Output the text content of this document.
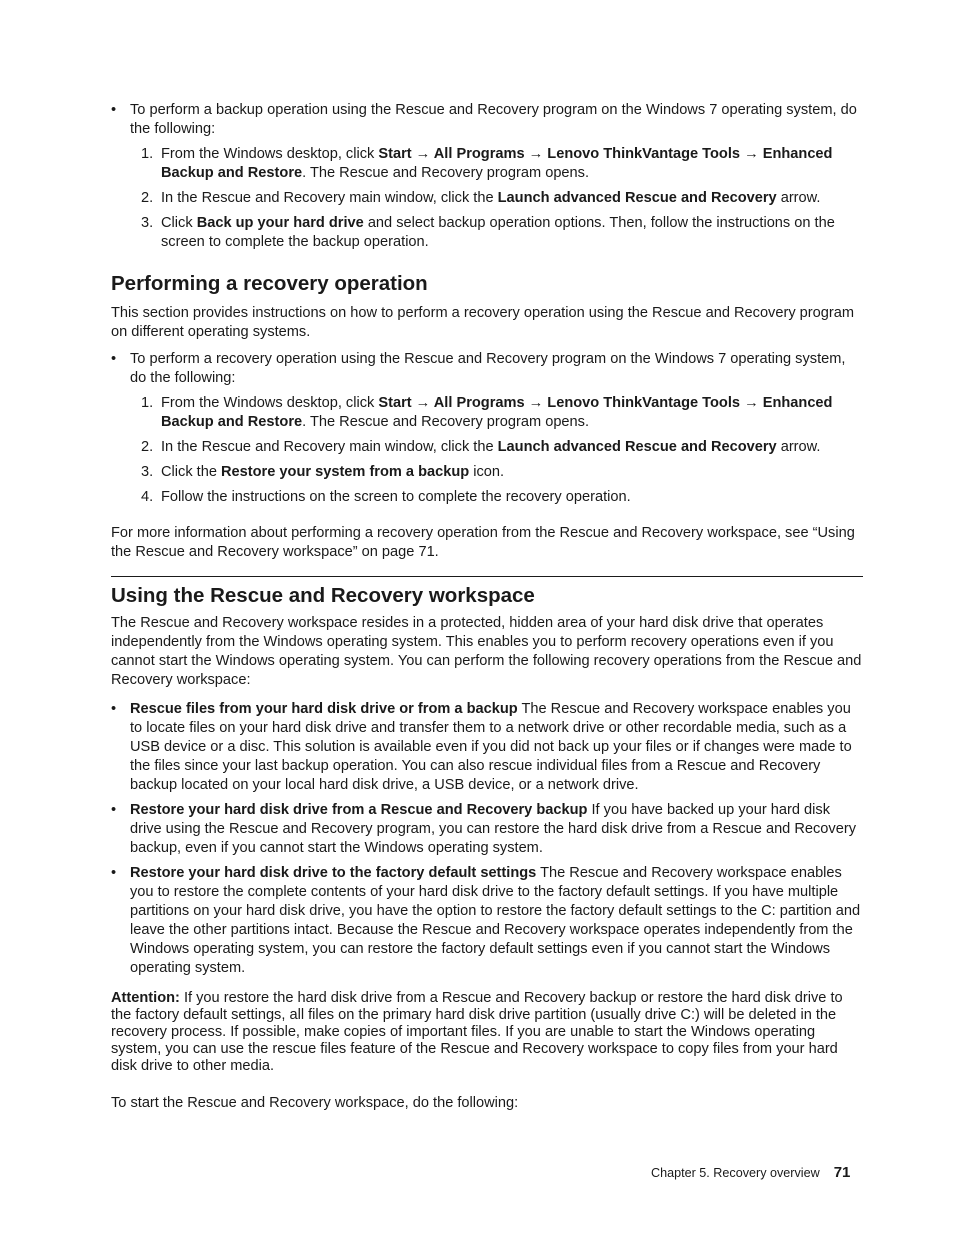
• To perform a backup operation using the Rescue and Recovery program on the Windows 7 operating system, do the following:

1. From the Windows desktop, click Start → All Programs → Lenovo ThinkVantage Tools → Enhanced Backup and Restore. The Rescue and Recovery program opens.

2. In the Rescue and Recovery main window, click the Launch advanced Rescue and Recovery arrow.

3. Click Back up your hard drive and select backup operation options. Then, follow the instructions on the screen to complete the backup operation.

Performing a recovery operation

This section provides instructions on how to perform a recovery operation using the Rescue and Recovery program on different operating systems.

• To perform a recovery operation using the Rescue and Recovery program on the Windows 7 operating system, do the following:

1. From the Windows desktop, click Start → All Programs → Lenovo ThinkVantage Tools → Enhanced Backup and Restore. The Rescue and Recovery program opens.

2. In the Rescue and Recovery main window, click the Launch advanced Rescue and Recovery arrow.

3. Click the Restore your system from a backup icon.

4. Follow the instructions on the screen to complete the recovery operation.

For more information about performing a recovery operation from the Rescue and Recovery workspace, see “Using the Rescue and Recovery workspace” on page 71.

Using the Rescue and Recovery workspace

The Rescue and Recovery workspace resides in a protected, hidden area of your hard disk drive that operates independently from the Windows operating system. This enables you to perform recovery operations even if you cannot start the Windows operating system. You can perform the following recovery operations from the Rescue and Recovery workspace:

• Rescue files from your hard disk drive or from a backup The Rescue and Recovery workspace enables you to locate files on your hard disk drive and transfer them to a network drive or other recordable media, such as a USB device or a disc. This solution is available even if you did not back up your files or if changes were made to the files since your last backup operation. You can also rescue individual files from a Rescue and Recovery backup located on your local hard disk drive, a USB device, or a network drive.

• Restore your hard disk drive from a Rescue and Recovery backup If you have backed up your hard disk drive using the Rescue and Recovery program, you can restore the hard disk drive from a Rescue and Recovery backup, even if you cannot start the Windows operating system.

• Restore your hard disk drive to the factory default settings The Rescue and Recovery workspace enables you to restore the complete contents of your hard disk drive to the factory default settings. If you have multiple partitions on your hard disk drive, you have the option to restore the factory default settings to the C: partition and leave the other partitions intact. Because the Rescue and Recovery workspace operates independently from the Windows operating system, you can restore the factory default settings even if you cannot start the Windows operating system.

Attention: If you restore the hard disk drive from a Rescue and Recovery backup or restore the hard disk drive to the factory default settings, all files on the primary hard disk drive partition (usually drive C:) will be deleted in the recovery process. If possible, make copies of important files. If you are unable to start the Windows operating system, you can use the rescue files feature of the Rescue and Recovery workspace to copy files from your hard disk drive to other media.

To start the Rescue and Recovery workspace, do the following:

Chapter 5. Recovery overview 71
